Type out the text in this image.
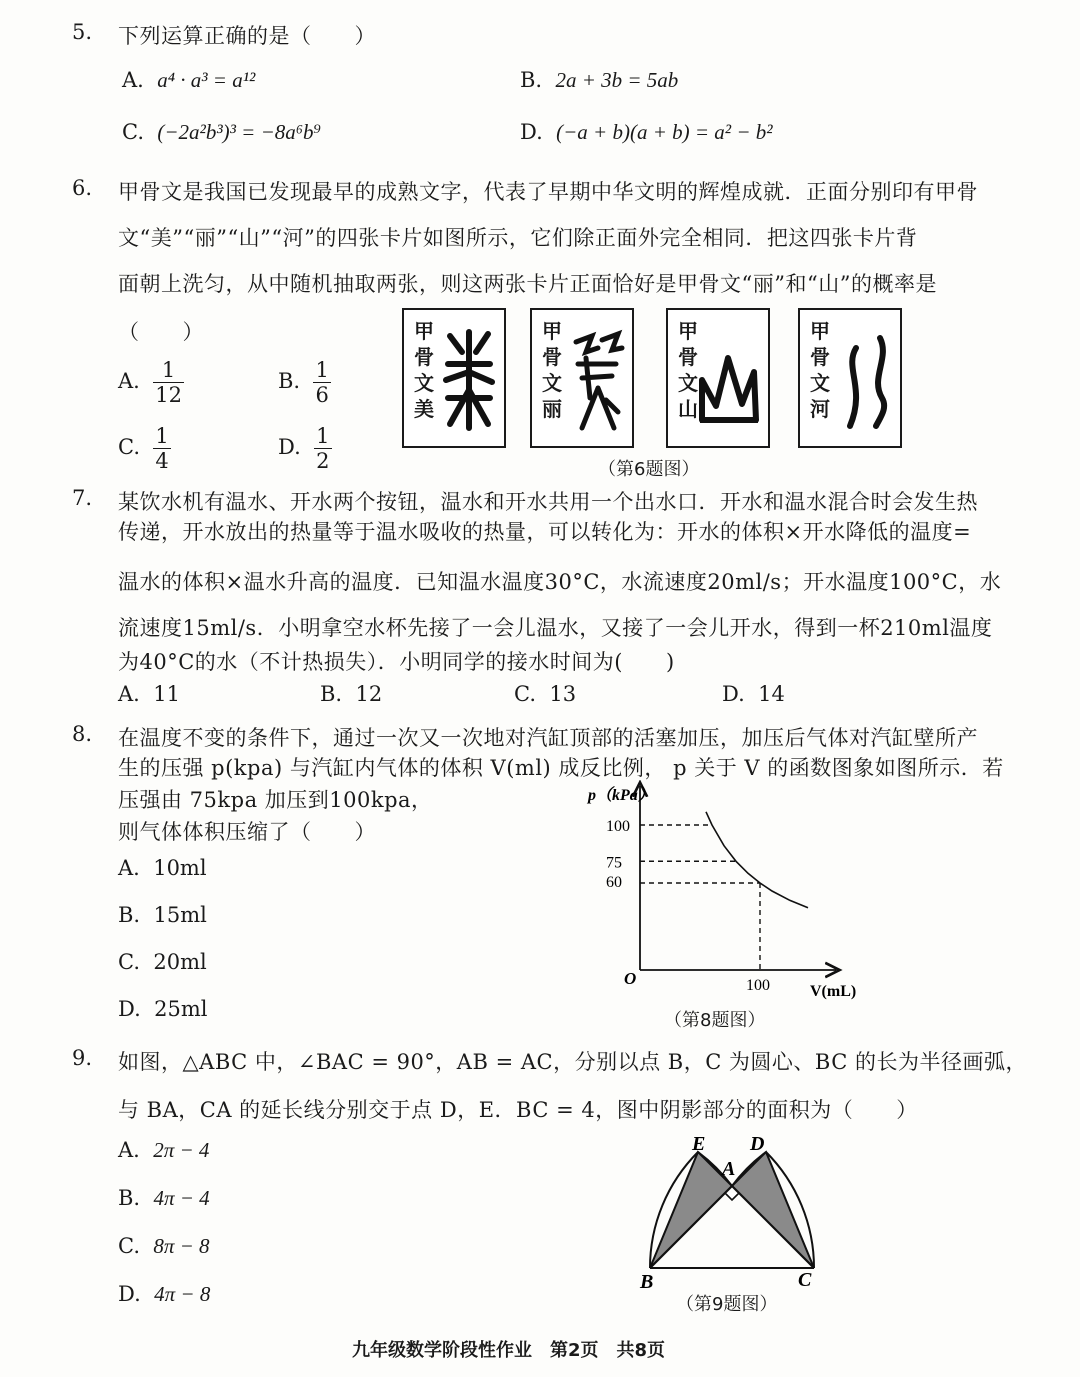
5. 下列运算正确的是（　　）
A. a⁴ · a³ = a¹²	B. 2a + 3b = 5ab
C. (−2a²b³)³ = −8a⁶b⁹	D. (−a + b)(a + b) = a² − b²
6. 甲骨文是我国已发现最早的成熟文字，代表了早期中华文明的辉煌成就．正面分别印有甲骨
文“美”“丽”“山”“河”的四张卡片如图所示，它们除正面外完全相同．把这四张卡片背
面朝上洗匀，从中随机抽取两张，则这两张卡片正面恰好是甲骨文“丽”和“山”的概率是
（　　）
A. $\frac{1}{12}$	B. $\frac{1}{6}$
C. $\frac{1}{4}$	D. $\frac{1}{2}$
甲骨文美
甲骨文丽
甲骨文山
甲骨文河
（第6题图）
7. 某饮水机有温水、开水两个按钮，温水和开水共用一个出水口．开水和温水混合时会发生热
传递，开水放出的热量等于温水吸收的热量，可以转化为：开水的体积×开水降低的温度=
温水的体积×温水升高的温度．已知温水温度30°C，水流速度20ml/s；开水温度100°C，水
流速度15ml/s．小明拿空水杯先接了一会儿温水，又接了一会儿开水，得到一杯210ml温度
为40°C的水（不计热损失）．小明同学的接水时间为(　　)
A. 11	B. 12	C. 13	D. 14
8. 在温度不变的条件下，通过一次又一次地对汽缸顶部的活塞加压，加压后气体对汽缸壁所产
生的压强 p(kpa) 与汽缸内气体的体积 V(ml) 成反比例， p 关于 V 的函数图象如图所示．若
压强由 75kpa 加压到100kpa，
则气体体积压缩了（　　）
A. 10ml
B. 15ml
C. 20ml
D. 25ml
100
75
60
100
p（kPa）
O
V(mL)
（第8题图）
9. 如图，△ABC 中，∠BAC = 90°，AB = AC，分别以点 B，C 为圆心、BC 的长为半径画弧，
与 BA，CA 的延长线分别交于点 D，E．BC = 4，图中阴影部分的面积为（　　）
A. 2π − 4
B. 4π − 4
C. 8π − 8
D. 4π − 8
E D
A
B	C
（第9题图）
九年级数学阶段性作业　第2页　共8页
